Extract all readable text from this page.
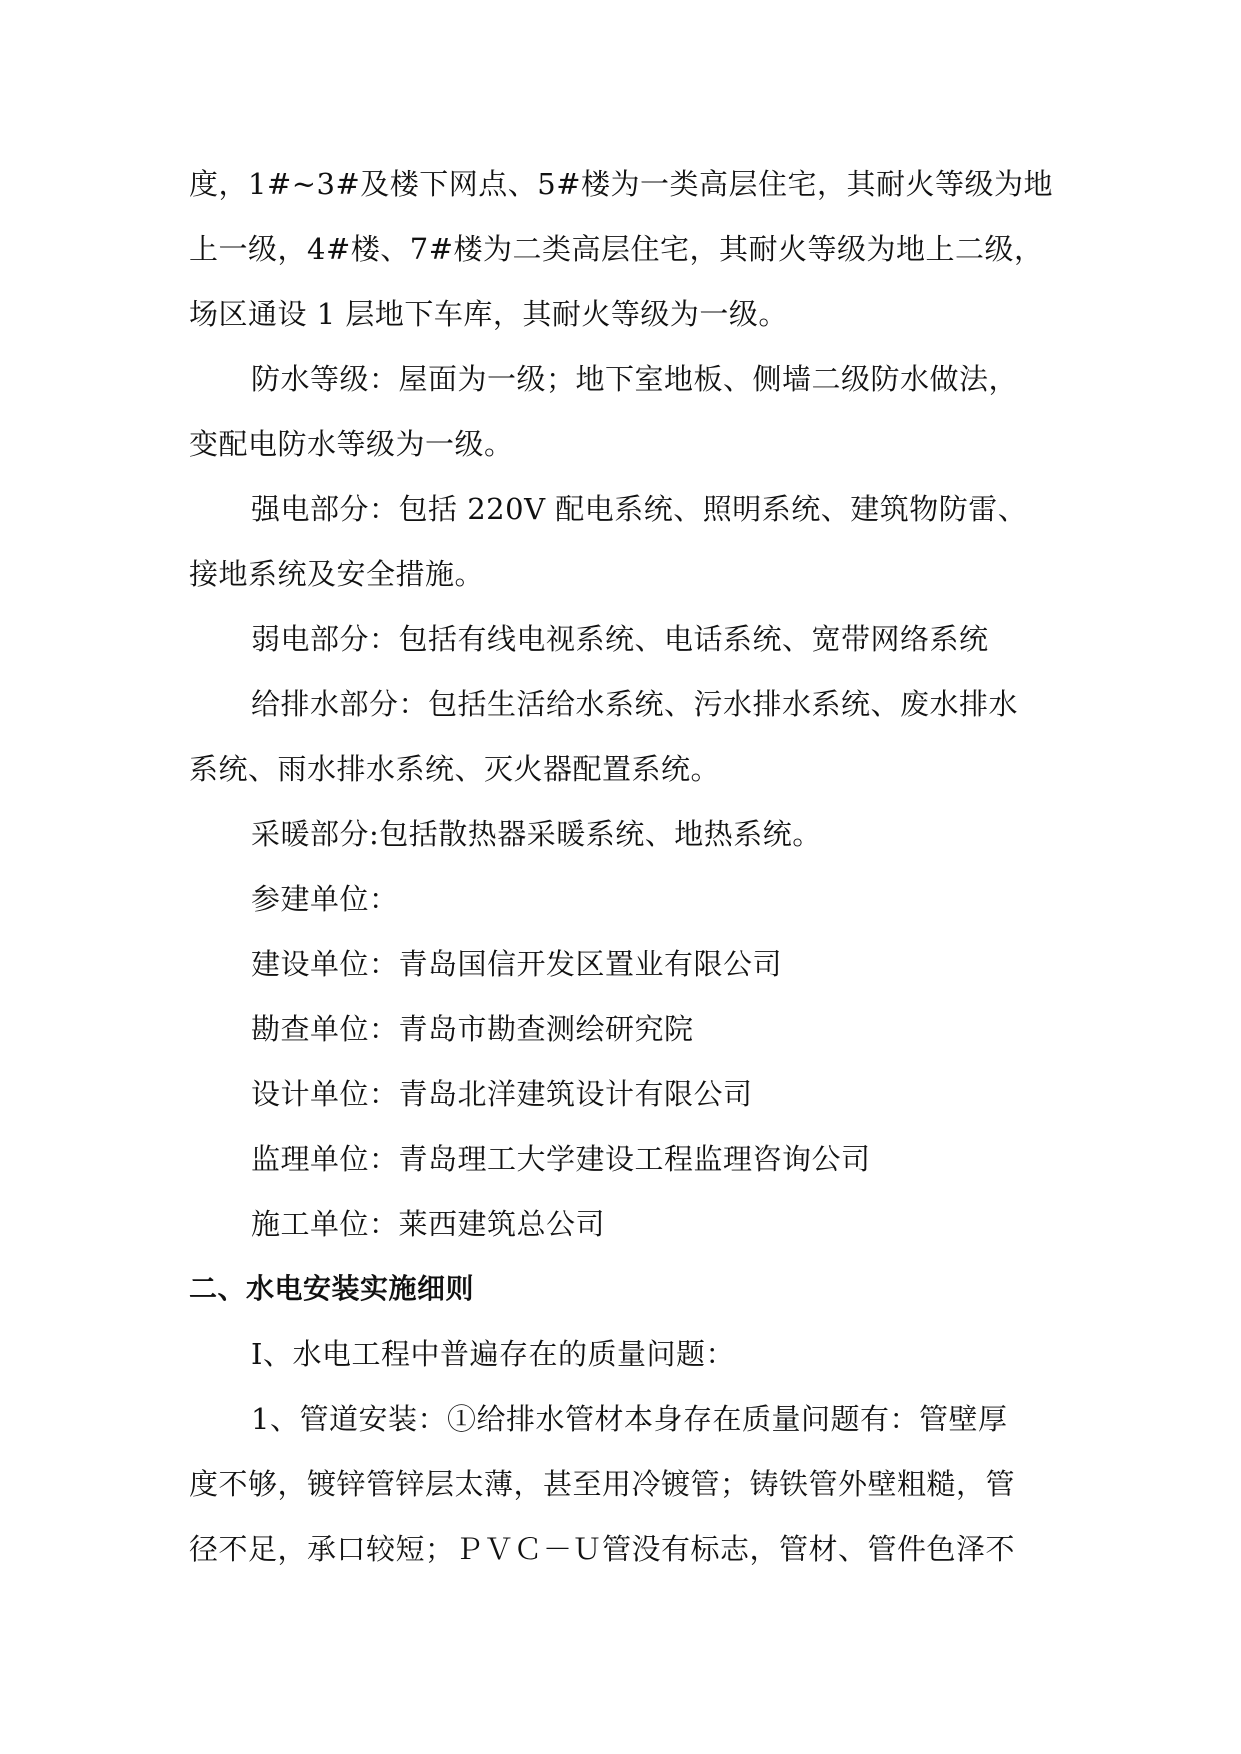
度，1#~3#及楼下网点、5#楼为一类高层住宅，其耐火等级为地
上一级，4#楼、7#楼为二类高层住宅，其耐火等级为地上二级，
场区通设 1 层地下车库，其耐火等级为一级。
防水等级：屋面为一级；地下室地板、侧墙二级防水做法，
变配电防水等级为一级。
强电部分：包括 220V 配电系统、照明系统、建筑物防雷、
接地系统及安全措施。
弱电部分：包括有线电视系统、电话系统、宽带网络系统
给排水部分：包括生活给水系统、污水排水系统、废水排水
系统、雨水排水系统、灭火器配置系统。
采暖部分:包括散热器采暖系统、地热系统。
参建单位：
建设单位：青岛国信开发区置业有限公司
勘查单位：青岛市勘查测绘研究院
设计单位：青岛北洋建筑设计有限公司
监理单位：青岛理工大学建设工程监理咨询公司
施工单位：莱西建筑总公司
二、水电安装实施细则
I、水电工程中普遍存在的质量问题：
1、管道安装：①给排水管材本身存在质量问题有：管壁厚
度不够，镀锌管锌层太薄，甚至用冷镀管；铸铁管外壁粗糙，管
径不足，承口较短；ＰＶＣ－Ｕ管没有标志，管材、管件色泽不
